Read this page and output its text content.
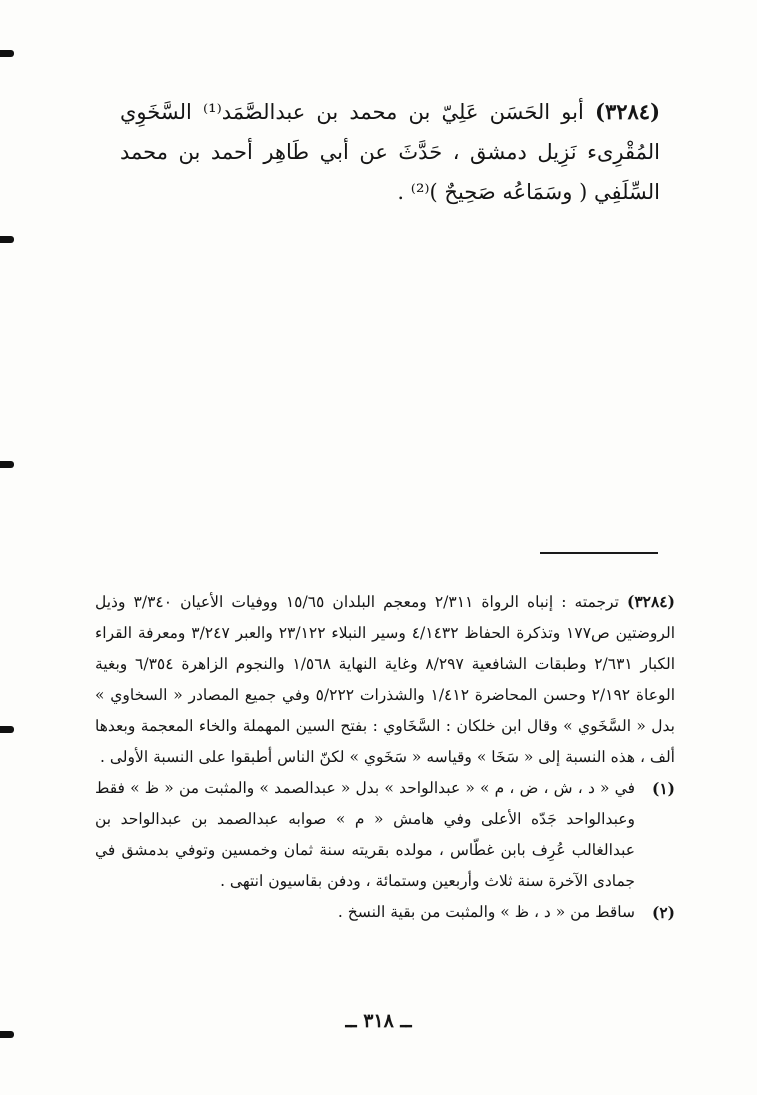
(٣٢٨٤) أبو الحَسَن عَلِيّ بن محمد بن عبدالصَّمَد⁽¹⁾ السَّخَوِي المُقْرِىء نَزِيل دمشق ، حَدَّثَ عن أبي طَاهِر أحمد بن محمد السِّلَفِي ( وسَمَاعُه صَحِيحٌ )⁽²⁾ .

(٣٢٨٤) ترجمته : إنباه الرواة ٢/٣١١ ومعجم البلدان ١٥/٦٥ ووفيات الأعيان ٣/٣٤٠ وذيل الروضتين ص١٧٧ وتذكرة الحفاظ ٤/١٤٣٢ وسير النبلاء ٢٣/١٢٢ والعبر ٣/٢٤٧ ومعرفة القراء الكبار ٢/٦٣١ وطبقات الشافعية ٨/٢٩٧ وغاية النهاية ١/٥٦٨ والنجوم الزاهرة ٦/٣٥٤ وبغية الوعاة ٢/١٩٢ وحسن المحاضرة ١/٤١٢ والشذرات ٥/٢٢٢ وفي جميع المصادر « السخاوي » بدل « السَّخَوي » وقال ابن خلكان : السَّخَاوي : بفتح السين المهملة والخاء المعجمة وبعدها ألف ، هذه النسبة إلى « سَخَا » وقياسه « سَخَوي » لكنّ الناس أطبقوا على النسبة الأولى .

(١)
في « د ، ش ، ض ، م » « عبدالواحد » بدل « عبدالصمد » والمثبت من « ظ » فقط وعبدالواحد جَدّه الأعلى وفي هامش « م » صوابه عبدالصمد بن عبدالواحد بن عبدالغالب عُرِف بابن غطّاس ، مولده بقريته سنة ثمان وخمسين وتوفي بدمشق في جمادى الآخرة سنة ثلاث وأربعين وستمائة ، ودفن بقاسيون انتهى .
(٢)
ساقط من « د ، ظ » والمثبت من بقية النسخ .
ــ ٣١٨ ــ
